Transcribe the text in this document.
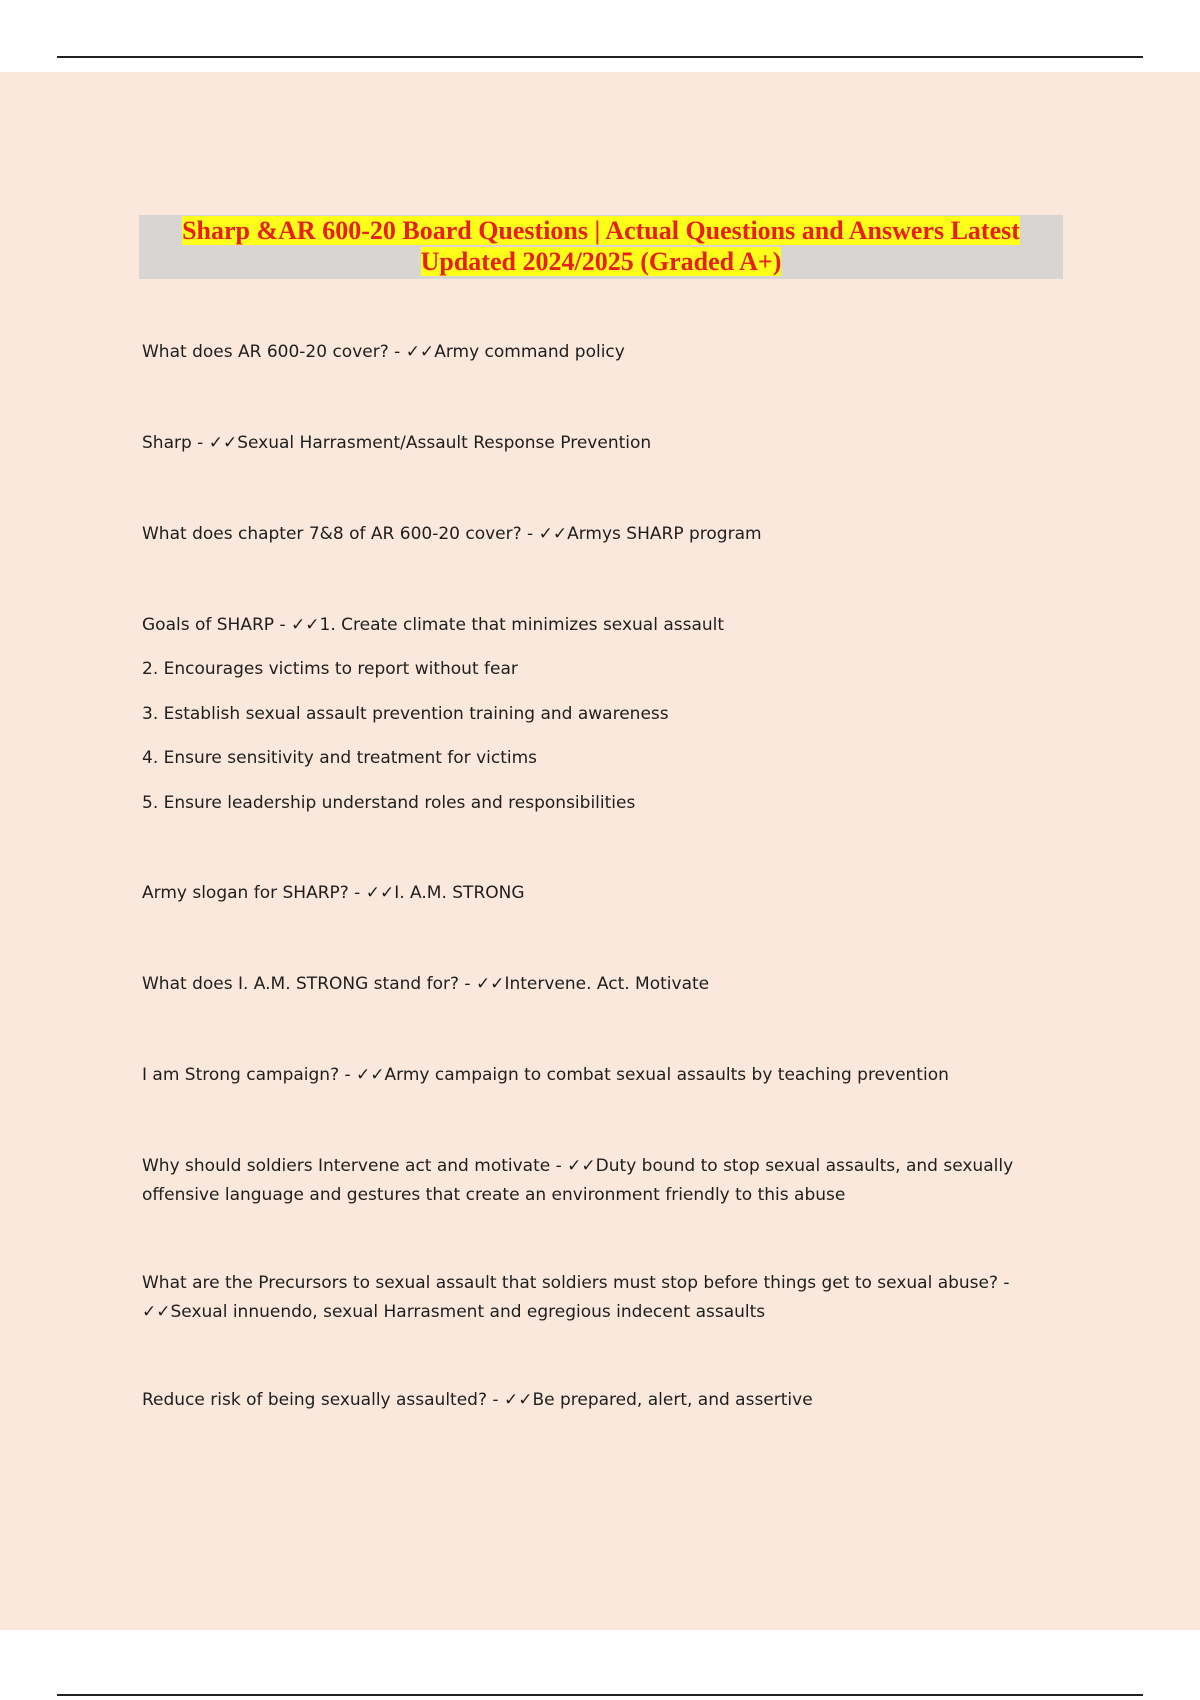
Sharp &AR 600-20 Board Questions | Actual Questions and Answers Latest Updated 2024/2025 (Graded A+)
What does AR 600-20 cover? - ✓✓Army command policy
Sharp - ✓✓Sexual Harrasment/Assault Response Prevention
What does chapter 7&8 of AR 600-20 cover? - ✓✓Armys SHARP program
Goals of SHARP - ✓✓1. Create climate that minimizes sexual assault
2. Encourages victims to report without fear
3. Establish sexual assault prevention training and awareness
4. Ensure sensitivity and treatment for victims
5. Ensure leadership understand roles and responsibilities
Army slogan for SHARP? - ✓✓I. A.M. STRONG
What does I. A.M. STRONG stand for? - ✓✓Intervene. Act. Motivate
I am Strong campaign? - ✓✓Army campaign to combat sexual assaults by teaching prevention
Why should soldiers Intervene act and motivate - ✓✓Duty bound to stop sexual assaults, and sexually offensive language and gestures that create an environment friendly to this abuse
What are the Precursors to sexual assault that soldiers must stop before things get to sexual abuse? - ✓✓Sexual innuendo, sexual Harrasment and egregious indecent assaults
Reduce risk of being sexually assaulted? - ✓✓Be prepared, alert, and assertive
